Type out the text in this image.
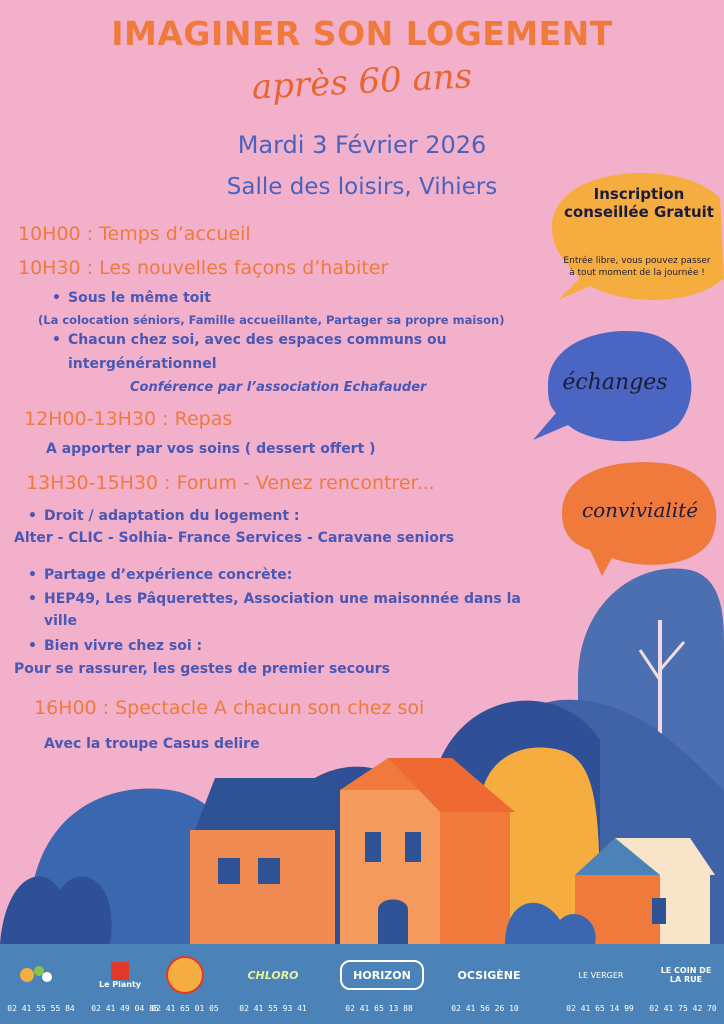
IMAGINER SON LOGEMENT
après 60 ans
Mardi 3 Février 2026
Salle des loisirs, Vihiers	Inscription conseillée Gratuit
Entrée libre, vous pouvez passer à tout moment de la journée !
échanges
convivialité
10H00 : Temps d’accueil
10H30 : Les nouvelles façons d’habiter
• Sous le même toit
(La colocation séniors, Famille accueillante, Partager sa propre maison)
• Chacun chez soi, avec des espaces communs ou
intergénérationnel
Conférence par l’association Echafauder
12H00-13H30 : Repas
A apporter par vos soins ( dessert offert )
13H30-15H30 : Forum - Venez rencontrer...
• Droit / adaptation du logement :
Alter - CLIC - Solhia- France Services - Caravane seniors
• Partage d’expérience concrète:
• HEP49, Les Pâquerettes, Association une maisonnée dans la
ville
• Bien vivre chez soi :
Pour se rassurer, les gestes de premier secours
16H00 : Spectacle A chacun son chez soi
Avec la troupe Casus delire
Le Planty
CHLORO	HORIZON	OCSIGÈNE	LE VERGER	LE COIN DE LA RUE
02 41 55 55 84	02 41 49 04 85
02 41 65 01 05	02 41 55 93 41	02 41 65 13 88	02 41 56 26 10	02 41 65 14 99	02 41 75 42 70
